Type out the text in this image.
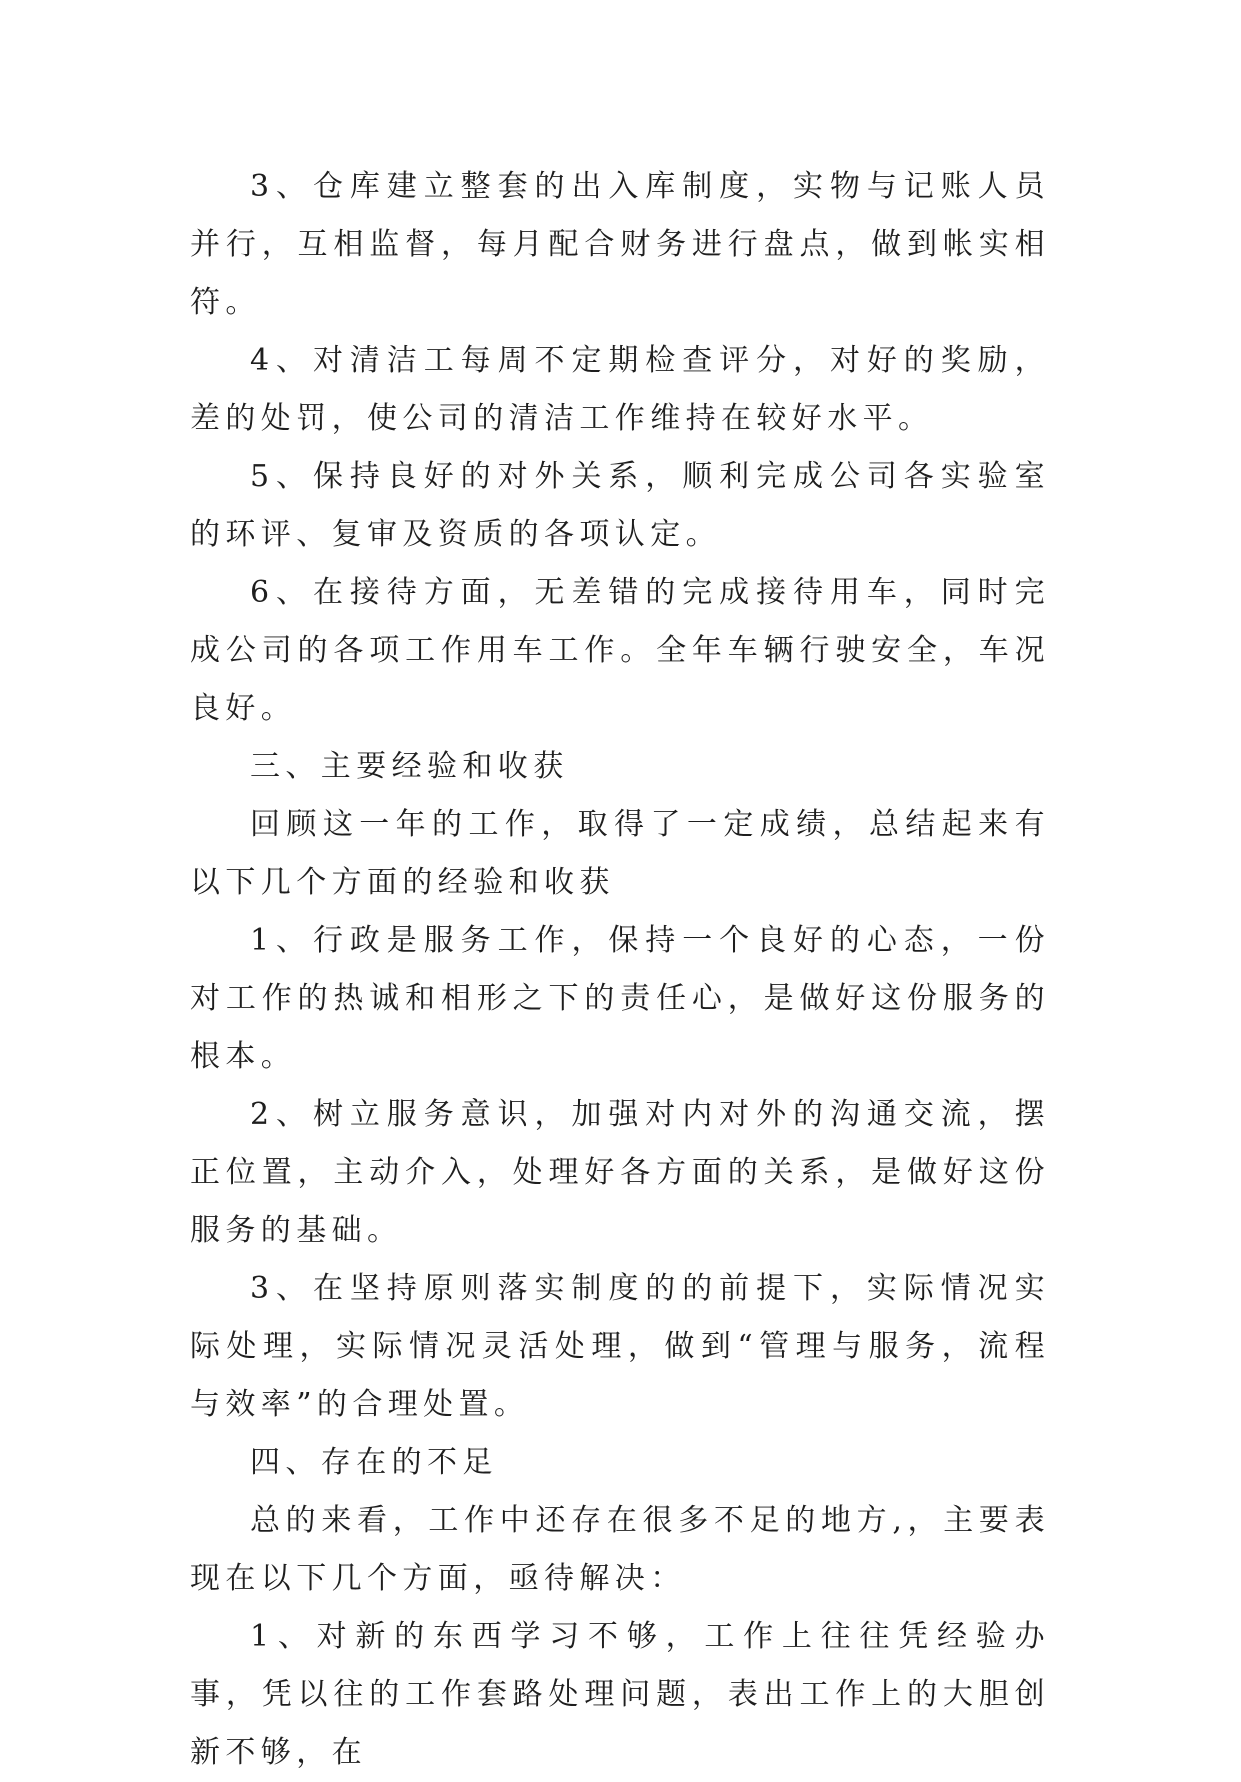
3、仓库建立整套的出入库制度，实物与记账人员并行，互相监督，每月配合财务进行盘点，做到帐实相符。

4、对清洁工每周不定期检查评分，对好的奖励，差的处罚，使公司的清洁工作维持在较好水平。

5、保持良好的对外关系，顺利完成公司各实验室的环评、复审及资质的各项认定。

6、在接待方面，无差错的完成接待用车，同时完成公司的各项工作用车工作。全年车辆行驶安全，车况良好。

三、主要经验和收获

回顾这一年的工作，取得了一定成绩，总结起来有以下几个方面的经验和收获

1、行政是服务工作，保持一个良好的心态，一份对工作的热诚和相形之下的责任心，是做好这份服务的根本。

2、树立服务意识，加强对内对外的沟通交流，摆正位置，主动介入，处理好各方面的关系，是做好这份服务的基础。

3、在坚持原则落实制度的的前提下，实际情况实际处理，实际情况灵活处理，做到“管理与服务，流程与效率”的合理处置。

四、存在的不足

总的来看，工作中还存在很多不足的地方,，主要表现在以下几个方面，亟待解决：

1、对新的东西学习不够，工作上往往凭经验办事，凭以往的工作套路处理问题，表出工作上的大胆创新不够，在
